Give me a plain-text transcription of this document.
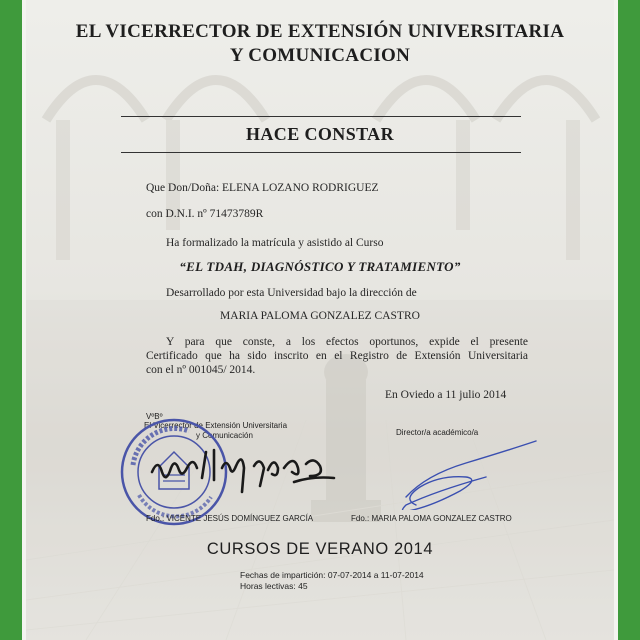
EL VICERRECTOR DE EXTENSIÓN UNIVERSITARIA
Y COMUNICACION
HACE CONSTAR
Que Don/Doña: ELENA LOZANO RODRIGUEZ
con D.N.I. nº 71473789R
Ha formalizado la matrícula y asistido al Curso
“EL TDAH, DIAGNÓSTICO Y TRATAMIENTO”
Desarrollado por esta Universidad bajo la dirección de
MARIA PALOMA GONZALEZ CASTRO
Y para que conste, a los efectos oportunos, expide el presente
Certificado que ha sido inscrito en el Registro de Extensión Universitaria
con el nº 001045/ 2014.
En Oviedo a 11 julio 2014
VºBº
El Vicerrector de Extensión Universitaria
y Comunicación
Fdo.: VICENTE JESÚS DOMÍNGUEZ GARCÍA
Director/a académico/a
Fdo.: MARIA PALOMA GONZALEZ CASTRO
CURSOS DE VERANO 2014
Fechas de impartición: 07-07-2014 a 11-07-2014
Horas lectivas: 45
